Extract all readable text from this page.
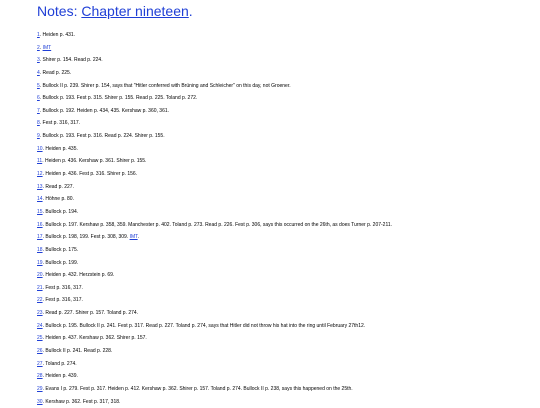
Notes: Chapter nineteen.
1. Heiden p. 431.
2. IMT
3. Shirer p. 154. Read p. 224.
4. Read p. 225.
5. Bullock II p. 239. Shirer p. 154, says that "Hitler conferred with Brüning and Schleicher" on this day, not Groener.
6. Bullock p. 193. Fest p. 315. Shirer p. 155. Read p. 225. Toland p. 272.
7. Bullock p. 192. Heiden p. 434, 435. Kershaw p. 360, 361.
8. Fest p. 316, 317.
9. Bullock p. 193. Fest p. 316. Read p. 224. Shirer p. 155.
10. Heiden p. 435.
11. Heiden p. 436. Kershaw p. 361. Shirer p. 155.
12. Heiden p. 436. Fest p. 316. Shirer p. 156.
13. Read p. 227.
14. Höhne p. 80.
15. Bullock p. 194.
16. Bullock p. 197. Kershaw p. 358, 359. Manchester p. 402. Toland p. 273. Read p. 226. Fest p. 306, says this occurred on the 26th, as does Turner p. 207-211.
17. Bullock p. 198, 199. Fest p. 308, 309. IMT.
18. Bullock p. 175.
19. Bullock p. 199.
20. Heiden p. 432. Herzstein p. 69.
21. Fest p. 316, 317.
22. Fest p. 316, 317.
23. Read p. 227. Shirer p. 157. Toland p. 274.
24. Bullock p. 195. Bullock II p. 241. Fest p. 317. Read p. 227. Toland p. 274, says that Hitler did not throw his hat into the ring until February 27th12.
25. Heiden p. 437. Kershaw p. 362. Shirer p. 157.
26. Bullock II p. 241. Read p. 228.
27. Toland p. 274.
28. Heiden p. 439.
29. Evans I p. 279. Fest p. 317. Heiden p. 412. Kershaw p. 362. Shirer p. 157. Toland p. 274. Bullock II p. 238, says this happened on the 25th.
30. Kershaw p. 362. Fest p. 317, 318.
